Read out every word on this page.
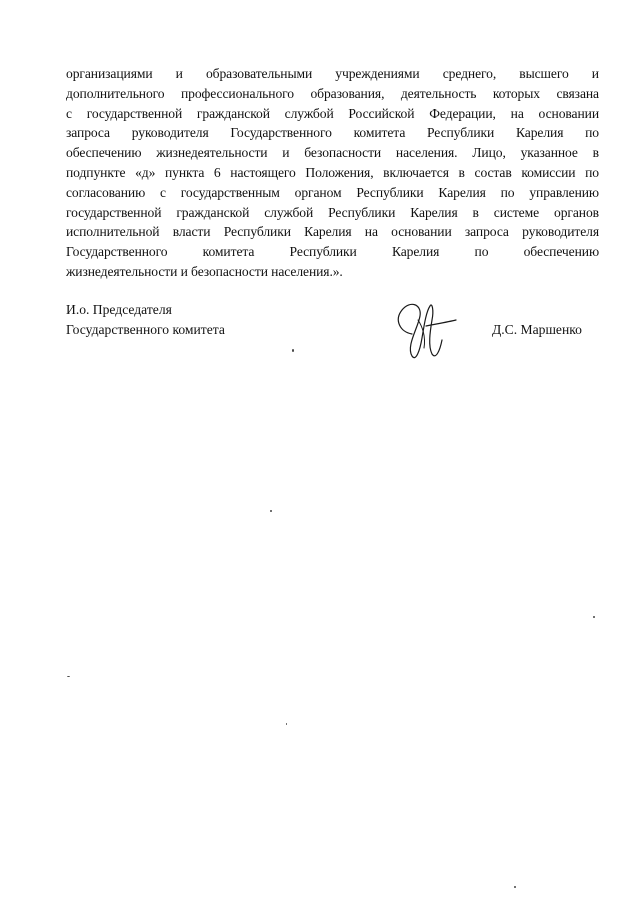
организациями и образовательными учреждениями среднего, высшего и
дополнительного профессионального образования, деятельность которых связана
с государственной гражданской службой Российской Федерации, на основании
запроса руководителя Государственного комитета Республики Карелия по
обеспечению жизнедеятельности и безопасности населения. Лицо, указанное в
подпункте «д» пункта 6 настоящего Положения, включается в состав комиссии по
согласованию с государственным органом Республики Карелия по управлению
государственной гражданской службой Республики Карелия в системе органов
исполнительной власти Республики Карелия на основании запроса руководителя
Государственного комитета Республики Карелия по обеспечению
жизнедеятельности и безопасности населения.».
И.о. Председателя
Государственного комитета	Д.С. Маршенко
